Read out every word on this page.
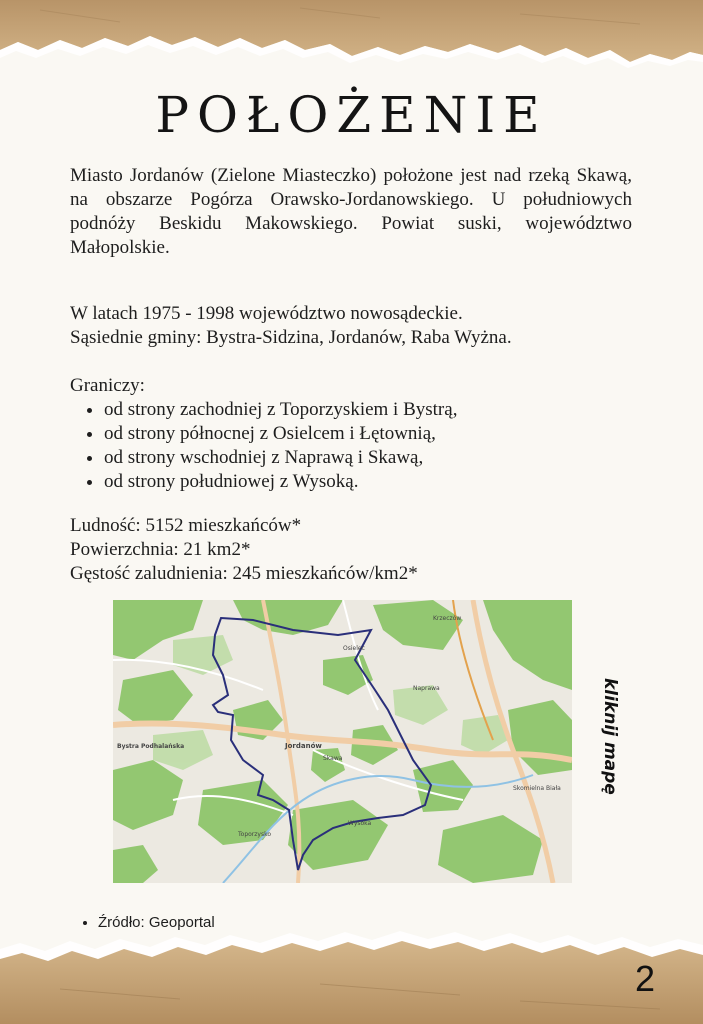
POŁOŻENIE

Miasto Jordanów (Zielone Miasteczko) położone jest nad rzeką Skawą, na obszarze Pogórza Orawsko-Jordanowskiego. U południowych podnóży Beskidu Makowskiego. Powiat suski, województwo Małopolskie.

W latach 1975 - 1998 województwo nowosądeckie.

Sąsiednie gminy: Bystra-Sidzina, Jordanów, Raba Wyżna.

Graniczy:

• od strony zachodniej z Toporzyskiem i Bystrą,
• od strony północnej z Osielcem i Łętownią,
• od strony wschodniej z Naprawą i Skawą,
• od strony południowej z Wysoką.

Ludność: 5152 mieszkańców*

Powierzchnia: 21 km2*

Gęstość zaludnienia: 245 mieszkańców/km2*

Jordanów
Bystra Podhalańska
Toporzysko
Naprawa
Krzeczów
Skomielna Biała
Osielec
Skawa
Wysoka
kliknij mapę
• Źródło: Geoportal
2
